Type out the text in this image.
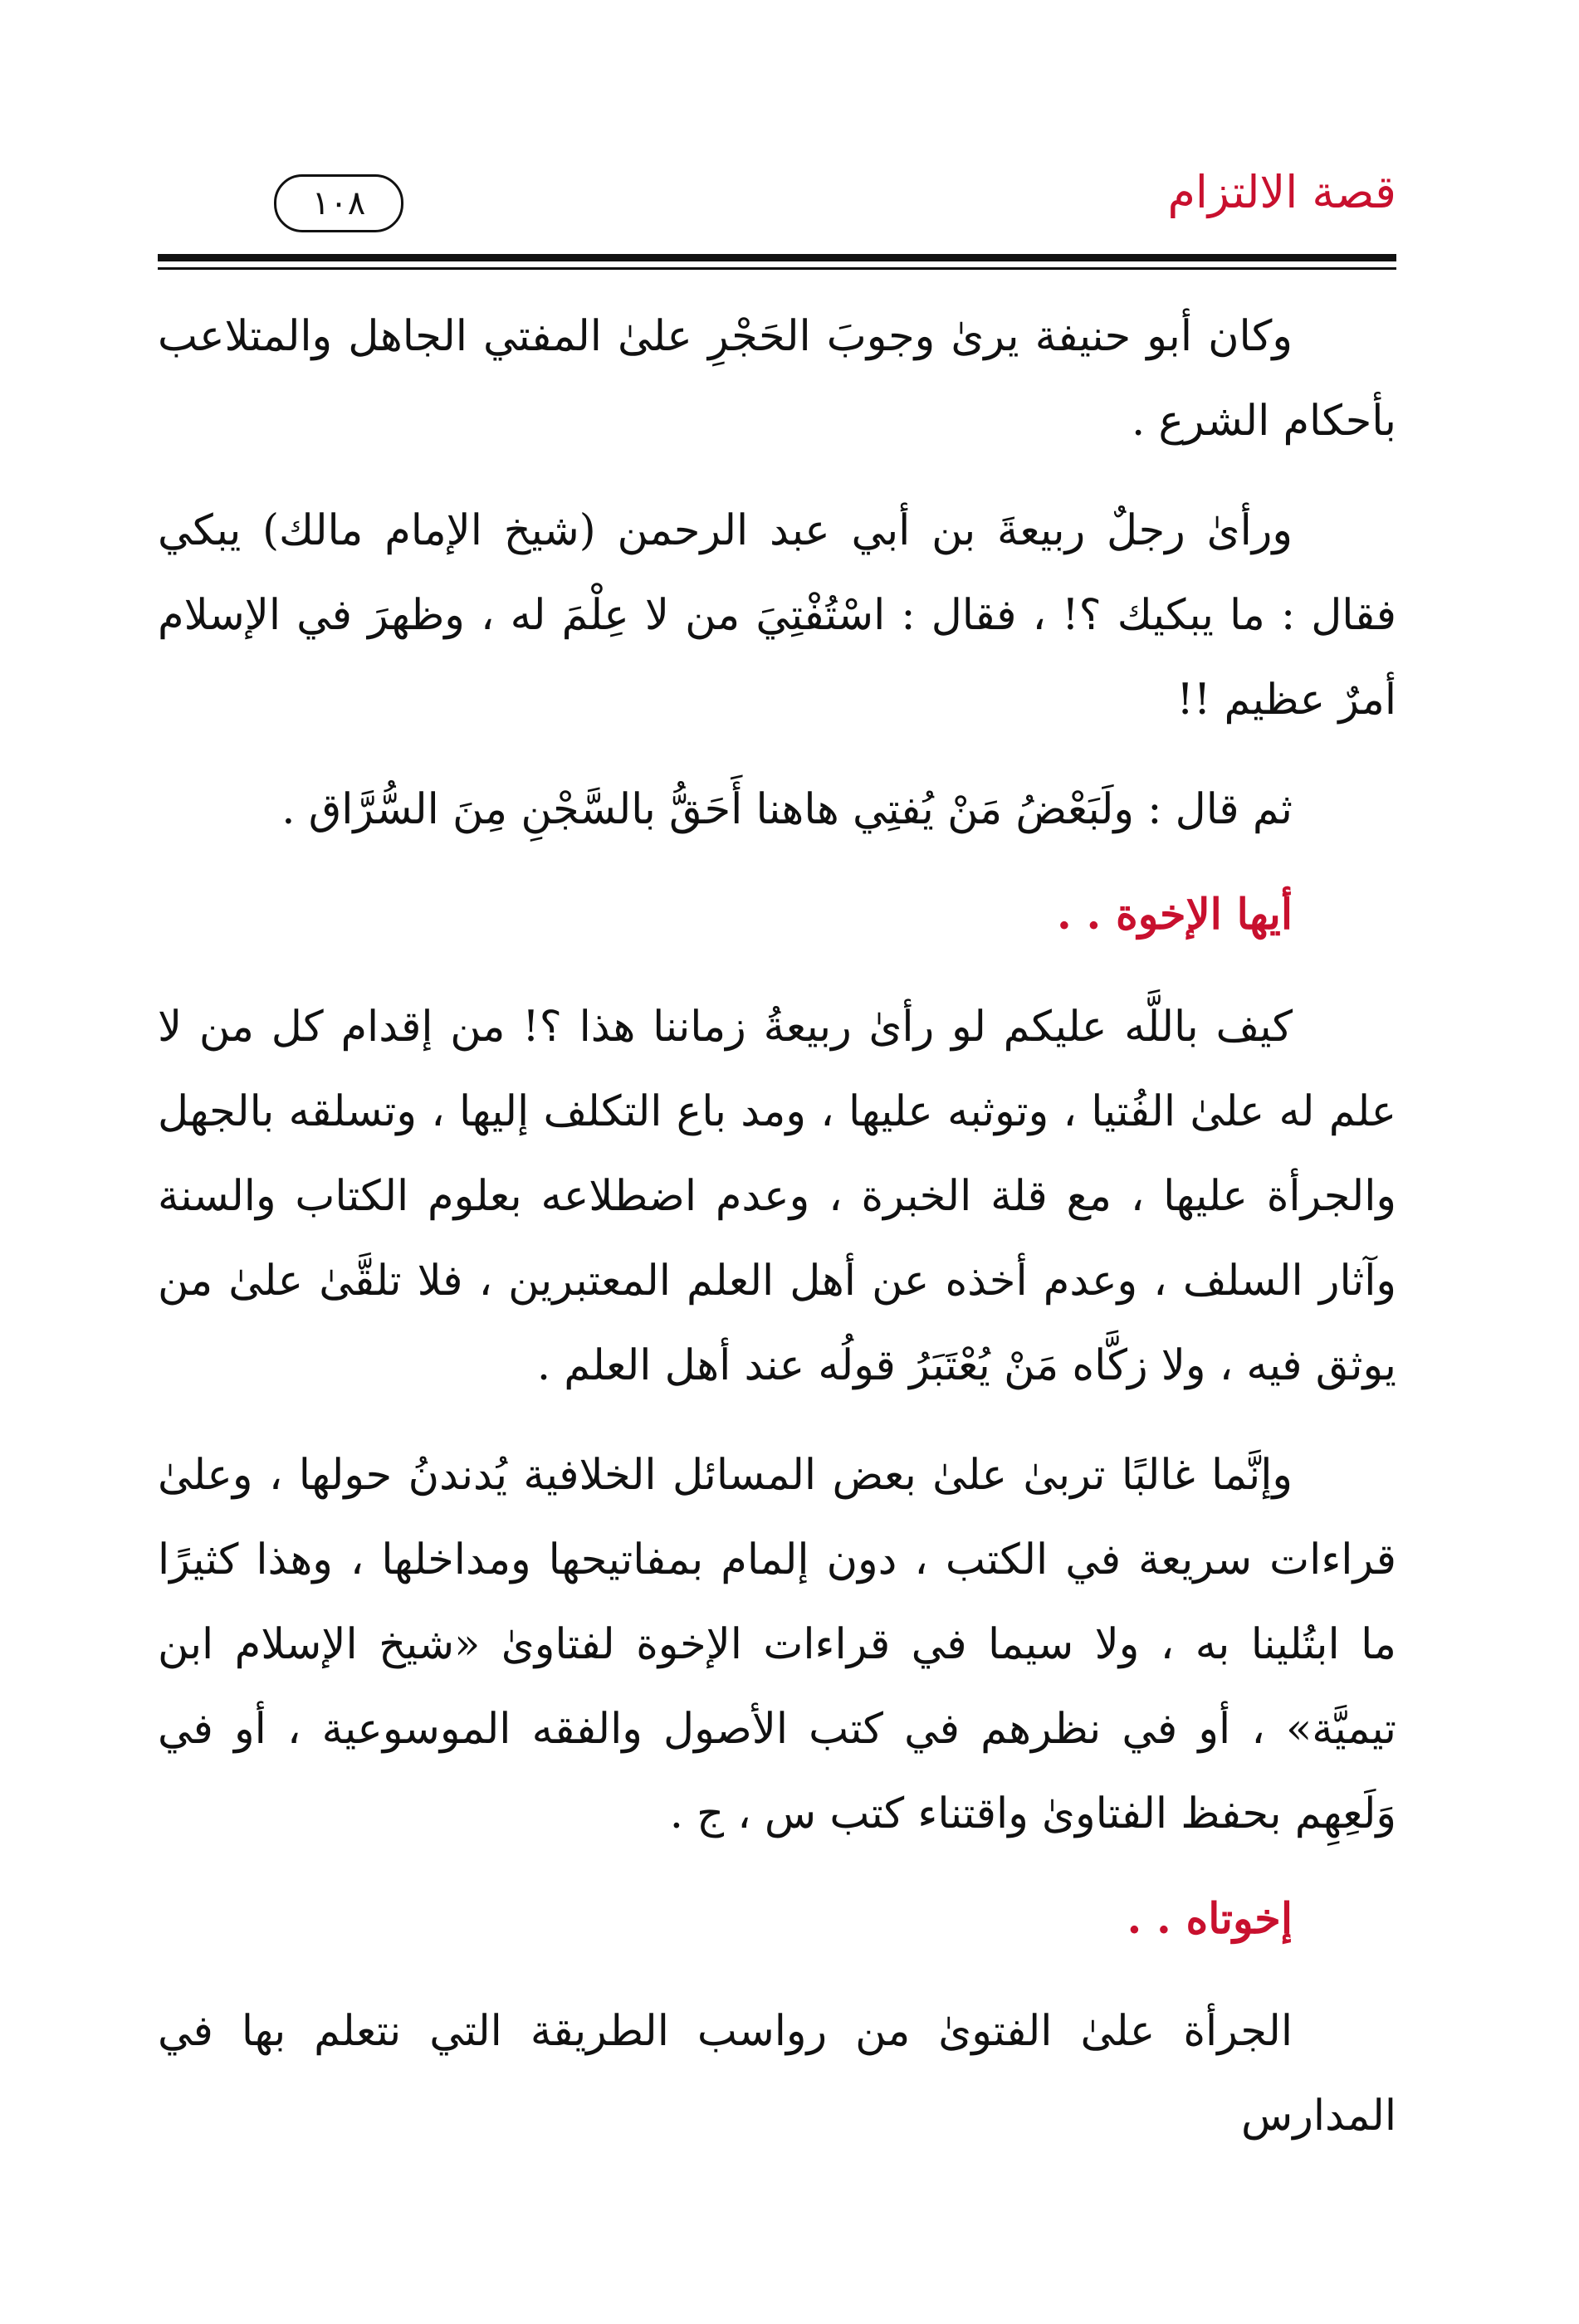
قصة الالتزام
١٠٨

وكان أبو حنيفة يرىٰ وجوبَ الحَجْرِ علىٰ المفتي الجاهل والمتلاعب بأحكام الشرع .

ورأىٰ رجلٌ ربيعةَ بن أبي عبد الرحمن (شيخ الإمام مالك) يبكي فقال : ما يبكيك ؟! ، فقال : اسْتُفْتِيَ من لا عِلْمَ له ، وظهرَ في الإسلام أمرٌ عظيم !!

ثم قال : ولَبَعْضُ مَنْ يُفتِي هاهنا أَحَقُّ بالسَّجْنِ مِنَ السُّرَّاق .

أيها الإخوة . .

كيف باللَّه عليكم لو رأىٰ ربيعةُ زماننا هذا ؟! من إقدام كل من لا علم له علىٰ الفُتيا ، وتوثبه عليها ، ومد باع التكلف إليها ، وتسلقه بالجهل والجرأة عليها ، مع قلة الخبرة ، وعدم اضطلاعه بعلوم الكتاب والسنة وآثار السلف ، وعدم أخذه عن أهل العلم المعتبرين ، فلا تلقَّىٰ علىٰ من يوثق فيه ، ولا زكَّاه مَنْ يُعْتَبَرُ قولُه عند أهل العلم .

وإنَّما غالبًا تربىٰ علىٰ بعض المسائل الخلافية يُدندنُ حولها ، وعلىٰ قراءات سريعة في الكتب ، دون إلمام بمفاتيحها ومداخلها ، وهذا كثيرًا ما ابتُلينا به ، ولا سيما في قراءات الإخوة لفتاوىٰ «شيخ الإسلام ابن تيميَّة» ، أو في نظرهم في كتب الأصول والفقه الموسوعية ، أو في وَلَعِهِم بحفظ الفتاوىٰ واقتناء كتب س ، ج .

إخوتاه . .

الجرأة علىٰ الفتوىٰ من رواسب الطريقة التي نتعلم بها في المدارس
